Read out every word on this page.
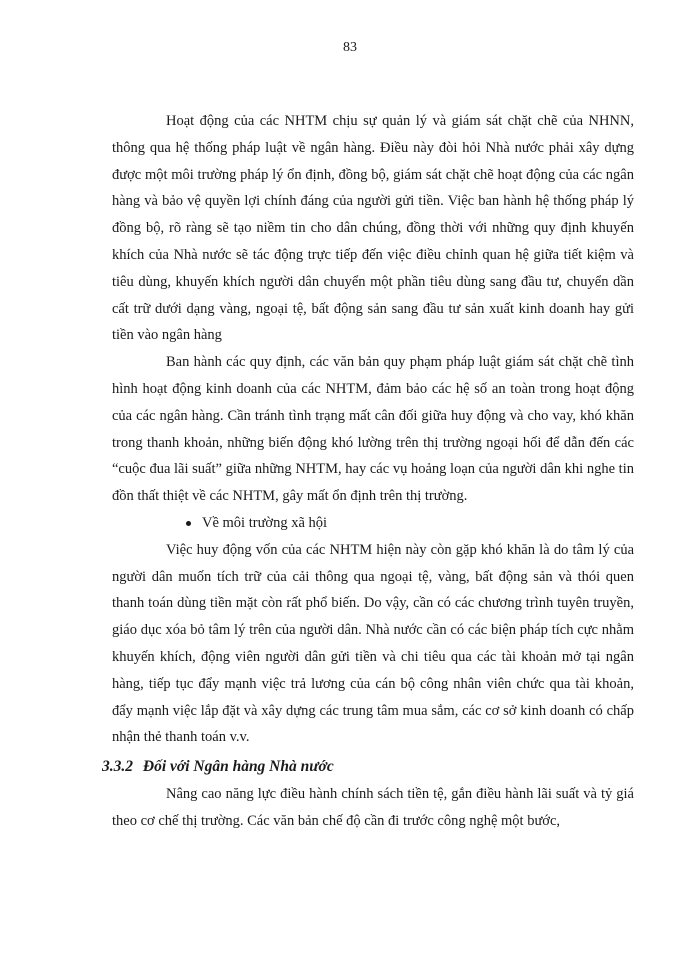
83

Hoạt động của các NHTM chịu sự quản lý và giám sát chặt chẽ của NHNN, thông qua hệ thống pháp luật về ngân hàng. Điều này đòi hỏi Nhà nước phải xây dựng được một môi trường pháp lý ổn định, đồng bộ, giám sát chặt chẽ hoạt động của các ngân hàng và bảo vệ quyền lợi chính đáng của người gửi tiền. Việc ban hành hệ thống pháp lý đồng bộ, rõ ràng sẽ tạo niềm tin cho dân chúng, đồng thời với những quy định khuyến khích của Nhà nước sẽ tác động trực tiếp đến việc điều chỉnh quan hệ giữa tiết kiệm và tiêu dùng, khuyến khích người dân chuyển một phần tiêu dùng sang đầu tư, chuyển dần cất trữ dưới dạng vàng, ngoại tệ, bất động sản sang đầu tư sản xuất kinh doanh hay gửi tiền vào ngân hàng

Ban hành các quy định, các văn bản quy phạm pháp luật giám sát chặt chẽ tình hình hoạt động kinh doanh của các NHTM, đảm bảo các hệ số an toàn trong hoạt động của các ngân hàng. Cần tránh tình trạng mất cân đối giữa huy động và cho vay, khó khăn trong thanh khoản, những biến động khó lường trên thị trường ngoại hối để dẫn đến các “cuộc đua lãi suất” giữa những NHTM, hay các vụ hoảng loạn của người dân khi nghe tin đồn thất thiệt về các NHTM, gây mất ổn định trên thị trường.

Về môi trường xã hội

Việc huy động vốn của các NHTM hiện này còn gặp khó khăn là do tâm lý của người dân muốn tích trữ của cải thông qua ngoại tệ, vàng, bất động sản và thói quen thanh toán dùng tiền mặt còn rất phổ biến. Do vậy, cần có các chương trình tuyên truyền, giáo dục xóa bỏ tâm lý trên của người dân. Nhà nước cần có các biện pháp tích cực nhằm khuyến khích, động viên người dân gửi tiền và chi tiêu qua các tài khoản mở tại ngân hàng, tiếp tục đẩy mạnh việc trả lương của cán bộ công nhân viên chức qua tài khoản, đẩy mạnh việc lắp đặt và xây dựng các trung tâm mua sắm, các cơ sở kinh doanh có chấp nhận thẻ thanh toán v.v.

3.3.2 Đối với Ngân hàng Nhà nước

Nâng cao năng lực điều hành chính sách tiền tệ, gắn điều hành lãi suất và tỷ giá theo cơ chế thị trường. Các văn bản chế độ cần đi trước công nghệ một bước,
